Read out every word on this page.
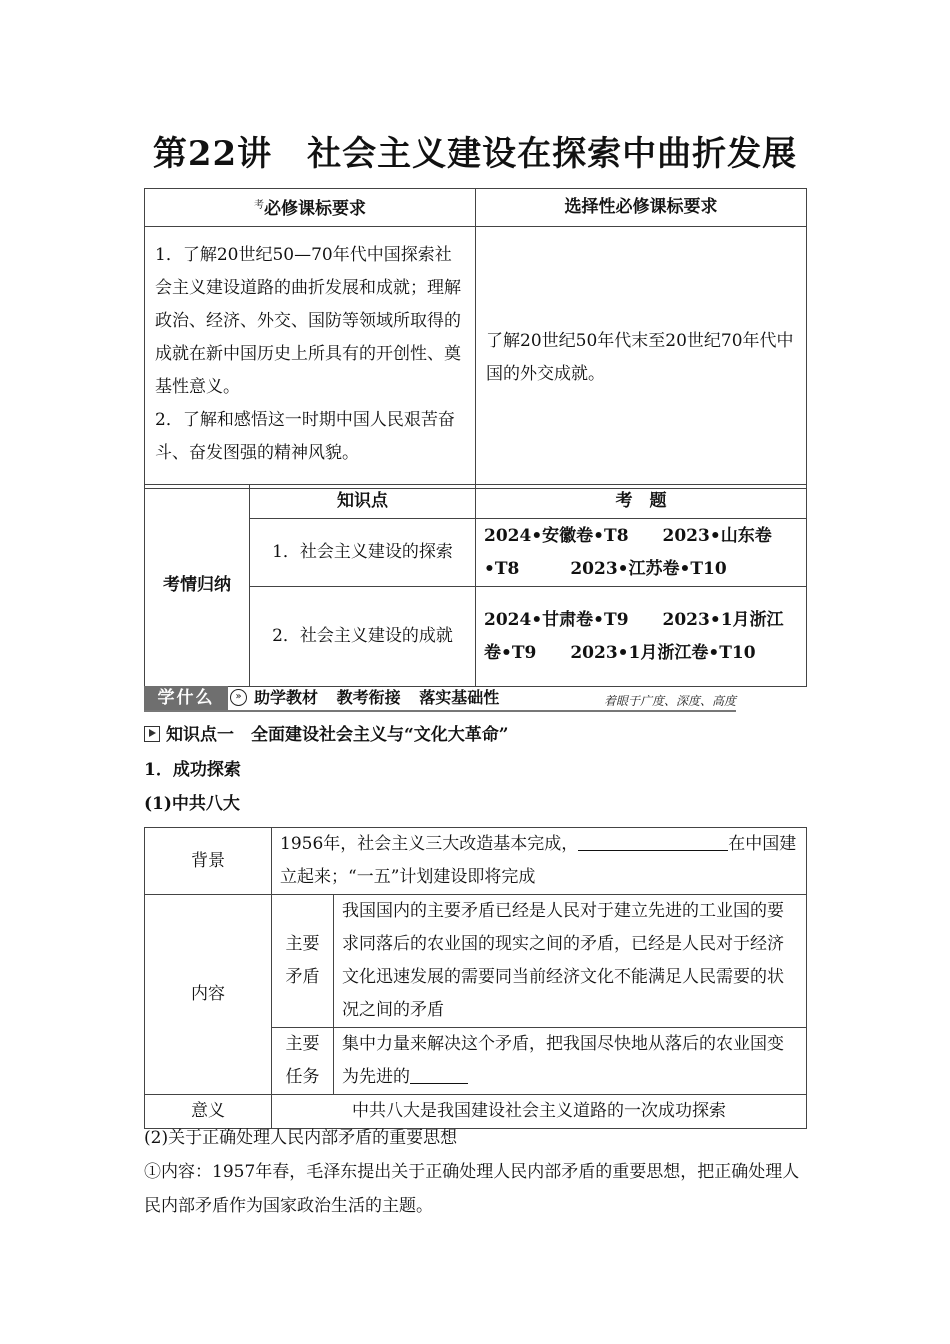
第22讲　社会主义建设在探索中曲折发展
$^考$必修课标要求	选择性必修课标要求

1．了解20世纪50—70年代中国探索社会主义建设道路的曲折发展和成就；理解政治、经济、外交、国防等领域所取得的成就在新中国历史上所具有的开创性、奠基性意义。
2．了解和感悟这一时期中国人民艰苦奋斗、奋发图强的精神风貌。	了解20世纪50年代末至20世纪70年代中国的外交成就。
考情归纳	知识点	考　题
	1．社会主义建设的探索	2024•安徽卷•T8　　2023•山东卷•T8　　　2023•江苏卷•T10
	2．社会主义建设的成就	2024•甘肃卷•T9　　2023•1月浙江卷•T9　　2023•1月浙江卷•T10
学什么	» 助学教材 教考衔接 落实基础性	着眼于广度、深度、高度
知识点一　全面建设社会主义与“文化大革命”
1．成功探索
(1)中共八大
背景	1956年，社会主义三大改造基本完成， 在中国建立起来；“一五”计划建设即将完成	
内容	主要矛盾	我国国内的主要矛盾已经是人民对于建立先进的工业国的要求同落后的农业国的现实之间的矛盾，已经是人民对于经济文化迅速发展的需要同当前经济文化不能满足人民需要的状况之间的矛盾
	主要任务	集中力量来解决这个矛盾，把我国尽快地从落后的农业国变为先进的
意义	中共八大是我国建设社会主义道路的一次成功探索	
(2)关于正确处理人民内部矛盾的重要思想
①内容：1957年春，毛泽东提出关于正确处理人民内部矛盾的重要思想，把正确处理人民内部矛盾作为国家政治生活的主题。
